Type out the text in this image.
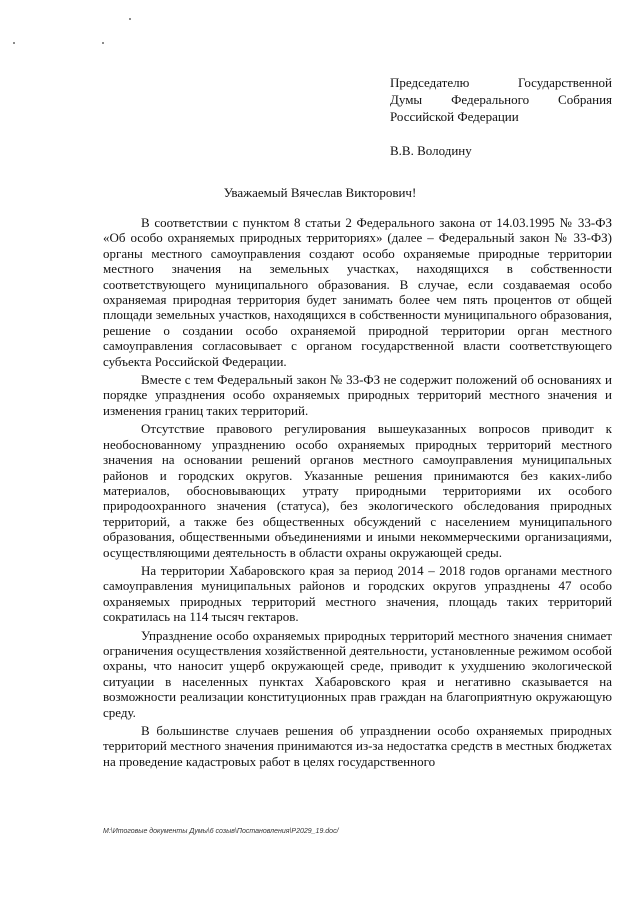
Председателю Государственной
Думы Федерального Собрания
Российской Федерации
В.В. Володину
Уважаемый Вячеслав Викторович!

В соответствии с пунктом 8 статьи 2 Федерального закона от 14.03.1995 № 33-ФЗ «Об особо охраняемых природных территориях» (далее – Федеральный закон № 33-ФЗ) органы местного самоуправления создают особо охраняемые природные территории местного значения на земельных участках, находящихся в собственности соответствующего муниципального образования. В случае, если создаваемая особо охраняемая природная территория будет занимать более чем пять процентов от общей площади земельных участков, находящихся в собственности муниципального образования, решение о создании особо охраняемой природной территории орган местного самоуправления согласовывает с органом государственной власти соответствующего субъекта Российской Федерации.

Вместе с тем Федеральный закон № 33-ФЗ не содержит положений об основаниях и порядке упразднения особо охраняемых природных территорий местного значения и изменения границ таких территорий.

Отсутствие правового регулирования вышеуказанных вопросов приводит к необоснованному упразднению особо охраняемых природных территорий местного значения на основании решений органов местного самоуправления муниципальных районов и городских округов. Указанные решения принимаются без каких-либо материалов, обосновывающих утрату природными территориями их особого природоохранного значения (статуса), без экологического обследования природных территорий, а также без общественных обсуждений с населением муниципального образования, общественными объединениями и иными некоммерческими организациями, осуществляющими деятельность в области охраны окружающей среды.

На территории Хабаровского края за период 2014 – 2018 годов органами местного самоуправления муниципальных районов и городских округов упразднены 47 особо охраняемых природных территорий местного значения, площадь таких территорий сократилась на 114 тысяч гектаров.

Упразднение особо охраняемых природных территорий местного значения снимает ограничения осуществления хозяйственной деятельности, установленные режимом особой охраны, что наносит ущерб окружающей среде, приводит к ухудшению экологической ситуации в населенных пунктах Хабаровского края и негативно сказывается на возможности реализации конституционных прав граждан на благоприятную окружающую среду.

В большинстве случаев решения об упразднении особо охраняемых природных территорий местного значения принимаются из-за недостатка средств в местных бюджетах на проведение кадастровых работ в целях государственного

M:\Итоговые документы Думы\6 созыв\Постановления\P2029_19.doc/
